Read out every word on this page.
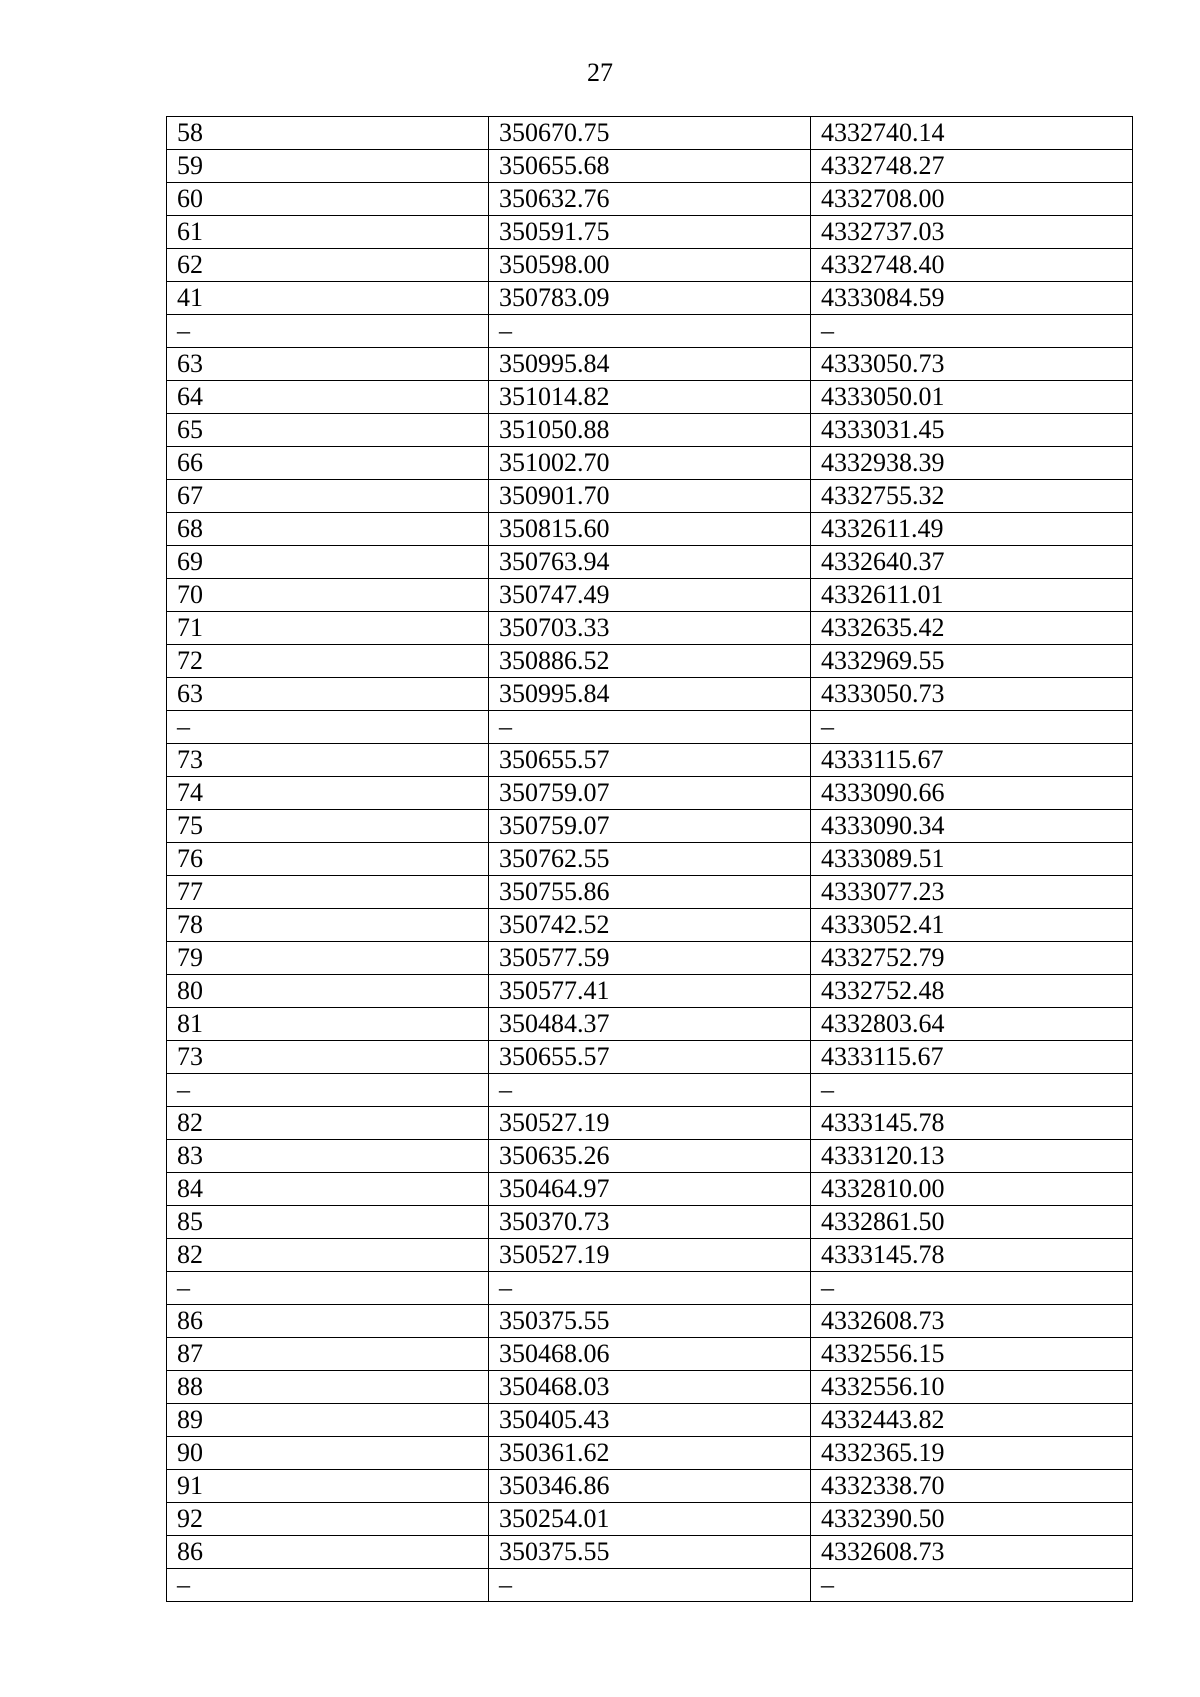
27
58	350670.75	4332740.14
59	350655.68	4332748.27
60	350632.76	4332708.00
61	350591.75	4332737.03
62	350598.00	4332748.40
41	350783.09	4333084.59
–	–	–
63	350995.84	4333050.73
64	351014.82	4333050.01
65	351050.88	4333031.45
66	351002.70	4332938.39
67	350901.70	4332755.32
68	350815.60	4332611.49
69	350763.94	4332640.37
70	350747.49	4332611.01
71	350703.33	4332635.42
72	350886.52	4332969.55
63	350995.84	4333050.73
–	–	–
73	350655.57	4333115.67
74	350759.07	4333090.66
75	350759.07	4333090.34
76	350762.55	4333089.51
77	350755.86	4333077.23
78	350742.52	4333052.41
79	350577.59	4332752.79
80	350577.41	4332752.48
81	350484.37	4332803.64
73	350655.57	4333115.67
–	–	–
82	350527.19	4333145.78
83	350635.26	4333120.13
84	350464.97	4332810.00
85	350370.73	4332861.50
82	350527.19	4333145.78
–	–	–
86	350375.55	4332608.73
87	350468.06	4332556.15
88	350468.03	4332556.10
89	350405.43	4332443.82
90	350361.62	4332365.19
91	350346.86	4332338.70
92	350254.01	4332390.50
86	350375.55	4332608.73
–	–	–
